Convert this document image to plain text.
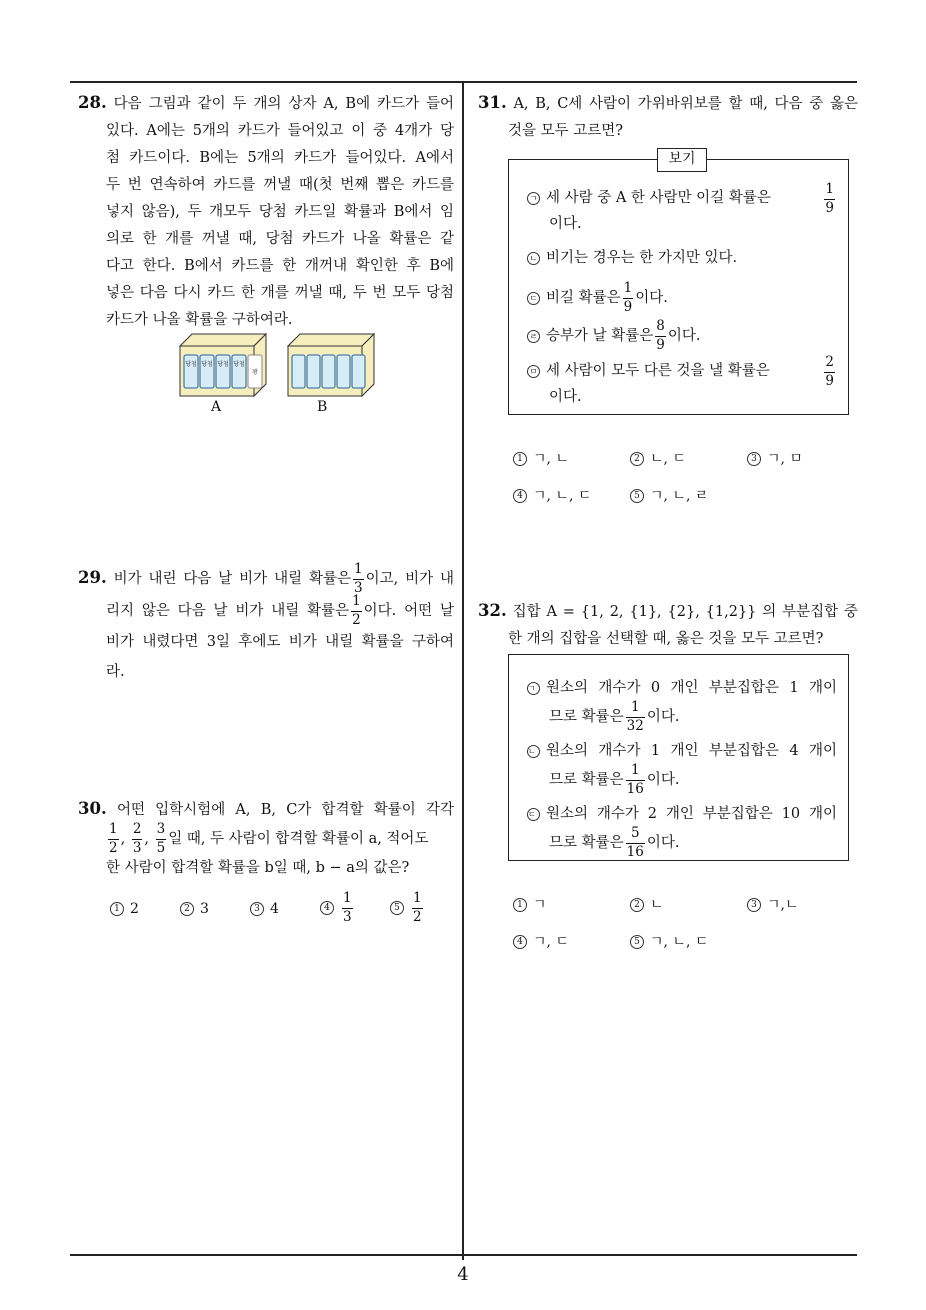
28. 다음 그림과 같이 두 개의 상자 A, B에 카드가 들어

있다. A에는 5개의 카드가 들어있고 이 중 4개가 당

첨 카드이다. B에는 5개의 카드가 들어있다. A에서

두 번 연속하여 카드를 꺼낼 때(첫 번째 뽑은 카드를

넣지 않음), 두 개모두 당첨 카드일 확률과 B에서 임

의로 한 개를 꺼낼 때, 당첨 카드가 나올 확률은 같

다고 한다. B에서 카드를 한 개꺼내 확인한 후 B에

넣은 다음 다시 카드 한 개를 꺼낼 때, 두 번 모두 당첨

카드가 나올 확률을 구하여라.

당첨 당첨 당첨 당첨
꽝
A	B

29. 비가 내린 다음 날 비가 내릴 확률은 $\frac{1}{3}$ 이고, 비가 내

리지 않은 다음 날 비가 내릴 확률은 $\frac{1}{2}$ 이다. 어떤 날

비가 내렸다면 3일 후에도 비가 내릴 확률을 구하여

라.

30. 어떤 입학시험에 A, B, C가 합격할 확률이 각각

$\frac{1}{2}$ , $\frac{2}{3}$ , $\frac{3}{5}$ 일 때, 두 사람이 합격할 확률이 a, 적어도

한 사람이 합격할 확률을 b일 때, b − a의 값은?

1 2	2 3	3 4	$4 \frac{1}{3}$	$5 \frac{1}{2}$

31. A, B, C세 사람이 가위바위보를 할 때, 다음 중 옳은

것을 모두 고르면?

보기
ㄱ 세 사람 중 A 한 사람만 이길 확률은	$\frac{1}{9}$
이다.
ㄴ 비기는 경우는 한 가지만 있다.
ㄷ 비길 확률은 $\frac{1}{9}$ 이다.
ㄹ 승부가 날 확률은 $\frac{8}{9}$ 이다.
ㅁ 세 사람이 모두 다른 것을 낼 확률은	$\frac{2}{9}$
이다.
1 ㄱ, ㄴ	2 ㄴ, ㄷ	3 ㄱ, ㅁ
4 ㄱ, ㄴ, ㄷ	5 ㄱ, ㄴ, ㄹ

32. 집합 A = {1, 2, {1}, {2}, {1,2}} 의 부분집합 중

한 개의 집합을 선택할 때, 옳은 것을 모두 고르면?

ㄱ 원소의 개수가 0 개인 부분집합은 1 개이
므로 확률은 $\frac{1}{32}$ 이다.
ㄴ 원소의 개수가 1 개인 부분집합은 4 개이
므로 확률은 $\frac{1}{16}$ 이다.
ㄷ 원소의 개수가 2 개인 부분집합은 10 개이
므로 확률은 $\frac{5}{16}$ 이다.
1 ㄱ	2 ㄴ	3 ㄱ,ㄴ
4 ㄱ, ㄷ	5 ㄱ, ㄴ, ㄷ
4
